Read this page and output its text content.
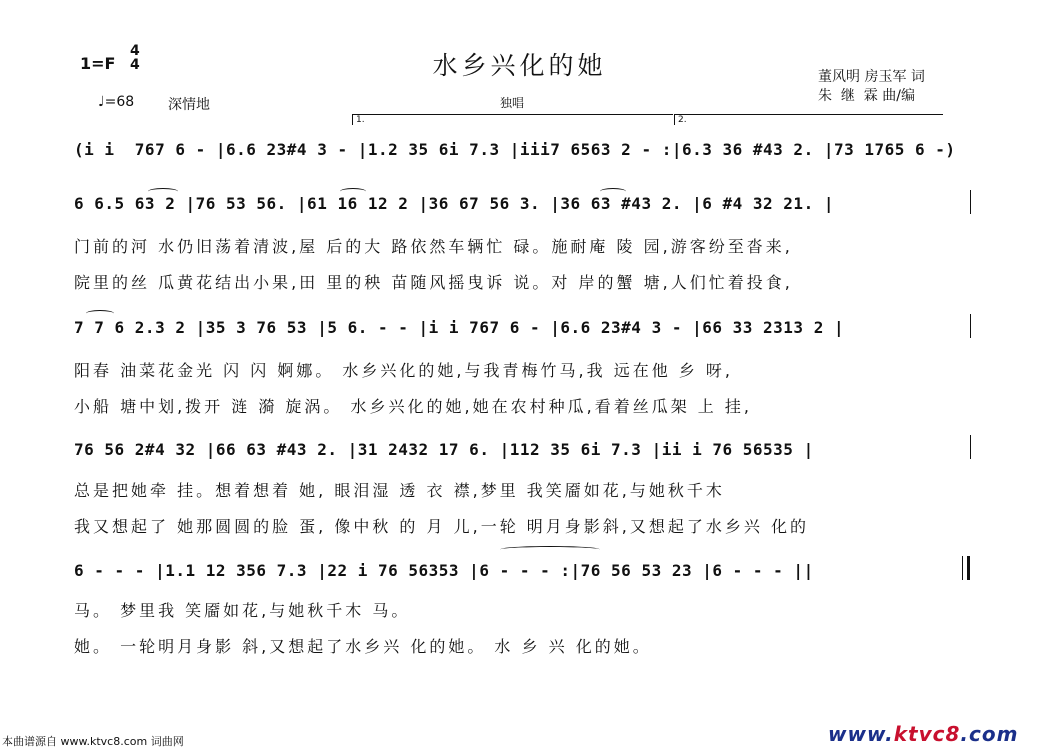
1=F
4
4	水乡兴化的她
♩=68 深情地	独唱
董风明 房玉军 词
朱  继  霖 曲/编
1.	2.
(i i  767 6 - |6.6 23#4 3 - |1.2 35 6i 7.3 |iii7 6563 2 - :|6.3 36 #43 2. |73 1765 6 -)
6 6.5 63 2 |76 53 56. |61 16 12 2 |36 67 56 3. |36 63 #43 2. |6 #4 32 21. |
门前的河 水仍旧荡着清波,屋 后的大 路依然车辆忙 碌。施耐庵 陵 园,游客纷至沓来,
院里的丝 瓜黄花结出小果,田 里的秧 苗随风摇曳诉 说。对 岸的蟹 塘,人们忙着投食,
7 7 6 2.3 2 |35 3 76 53 |5 6. - - |i i 767 6 - |6.6 23#4 3 - |66 33 2313 2 |
阳春 油菜花金光 闪 闪 婀娜。 水乡兴化的她,与我青梅竹马,我 远在他 乡 呀,
小船 塘中划,拨开 涟 漪 旋涡。 水乡兴化的她,她在农村种瓜,看着丝瓜架 上 挂,
76 56 2#4 32 |66 63 #43 2. |31 2432 17 6. |112 35 6i 7.3 |ii i 76 56535 |
总是把她牵 挂。想着想着 她, 眼泪湿 透 衣 襟,梦里 我笑靥如花,与她秋千木
我又想起了 她那圆圆的脸 蛋, 像中秋 的 月 儿,一轮 明月身影斜,又想起了水乡兴 化的
6 - - - |1.1 12 356 7.3 |22 i 76 56353 |6 - - - :|76 56 53 23 |6 - - - ||
马。 梦里我 笑靥如花,与她秋千木 马。
她。 一轮明月身影 斜,又想起了水乡兴 化的她。 水 乡 兴 化的她。
本曲谱源自 www.ktvc8.com 词曲网	www.ktvc8.com
